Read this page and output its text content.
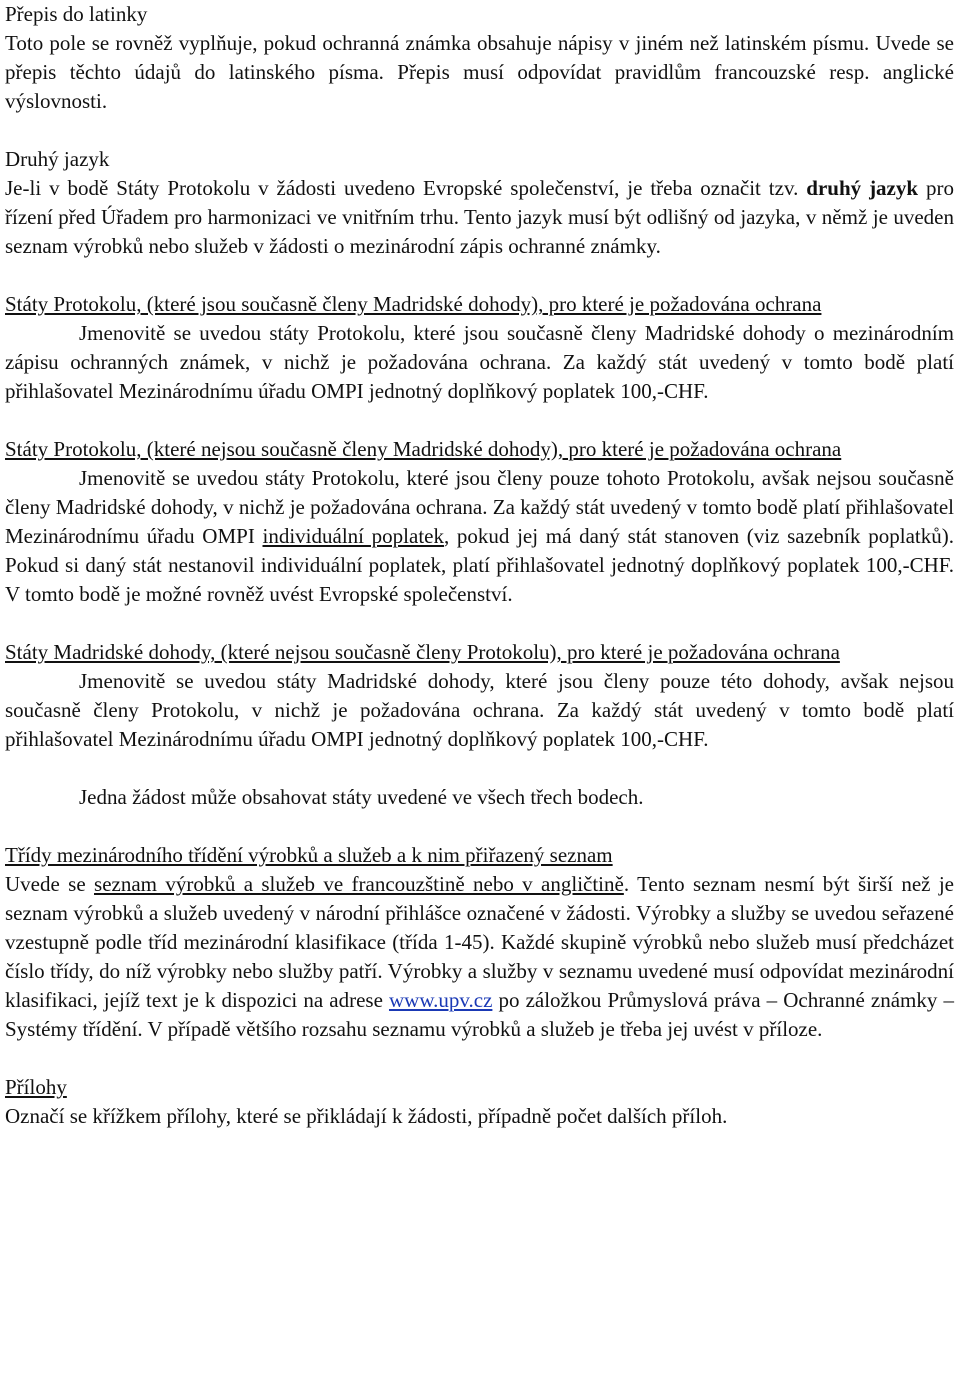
Přepis do latinky

Toto pole se rovněž vyplňuje, pokud ochranná známka obsahuje nápisy v jiném než latinském písmu. Uvede se přepis těchto údajů do latinského písma. Přepis musí odpovídat pravidlům francouzské resp. anglické výslovnosti.

Druhý jazyk

Je-li v bodě Státy Protokolu v žádosti uvedeno Evropské společenství, je třeba označit tzv. druhý jazyk pro řízení před Úřadem pro harmonizaci ve vnitřním trhu. Tento jazyk musí být odlišný od jazyka, v němž je uveden seznam výrobků nebo služeb v žádosti o mezinárodní zápis ochranné známky.

Státy Protokolu, (které jsou současně členy Madridské dohody), pro které je požadována ochrana

Jmenovitě se uvedou státy Protokolu, které jsou současně členy Madridské dohody o mezinárodním zápisu ochranných známek, v nichž je požadována ochrana. Za každý stát uvedený v tomto bodě platí přihlašovatel Mezinárodnímu úřadu OMPI jednotný doplňkový poplatek 100,-CHF.

Státy Protokolu, (které nejsou současně členy Madridské dohody), pro které je požadována ochrana

Jmenovitě se uvedou státy Protokolu, které jsou členy pouze tohoto Protokolu, avšak nejsou současně členy Madridské dohody, v nichž je požadována ochrana. Za každý stát uvedený v tomto bodě platí přihlašovatel Mezinárodnímu úřadu OMPI individuální poplatek, pokud jej má daný stát stanoven (viz sazebník poplatků). Pokud si daný stát nestanovil individuální poplatek, platí přihlašovatel jednotný doplňkový poplatek 100,-CHF. V tomto bodě je možné rovněž uvést Evropské společenství.

Státy Madridské dohody, (které nejsou současně členy Protokolu), pro které je požadována ochrana

Jmenovitě se uvedou státy Madridské dohody, které jsou členy pouze této dohody, avšak nejsou současně členy Protokolu, v nichž je požadována ochrana. Za každý stát uvedený v tomto bodě platí přihlašovatel Mezinárodnímu úřadu OMPI jednotný doplňkový poplatek 100,-CHF.

Jedna žádost může obsahovat státy uvedené ve všech třech bodech.

Třídy mezinárodního třídění výrobků a služeb a k nim přiřazený seznam

Uvede se seznam výrobků a služeb ve francouzštině nebo v angličtině. Tento seznam nesmí být širší než je seznam výrobků a služeb uvedený v národní přihlášce označené v žádosti. Výrobky a služby se uvedou seřazené vzestupně podle tříd mezinárodní klasifikace (třída 1-45). Každé skupině výrobků nebo služeb musí předcházet číslo třídy, do níž výrobky nebo služby patří. Výrobky a služby v seznamu uvedené musí odpovídat mezinárodní klasifikaci, jejíž text je k dispozici na adrese www.upv.cz po záložkou Průmyslová práva – Ochranné známky – Systémy třídění. V případě většího rozsahu seznamu výrobků a služeb je třeba jej uvést v příloze.

Přílohy

Označí se křížkem přílohy, které se přikládají k žádosti, případně počet dalších příloh.
